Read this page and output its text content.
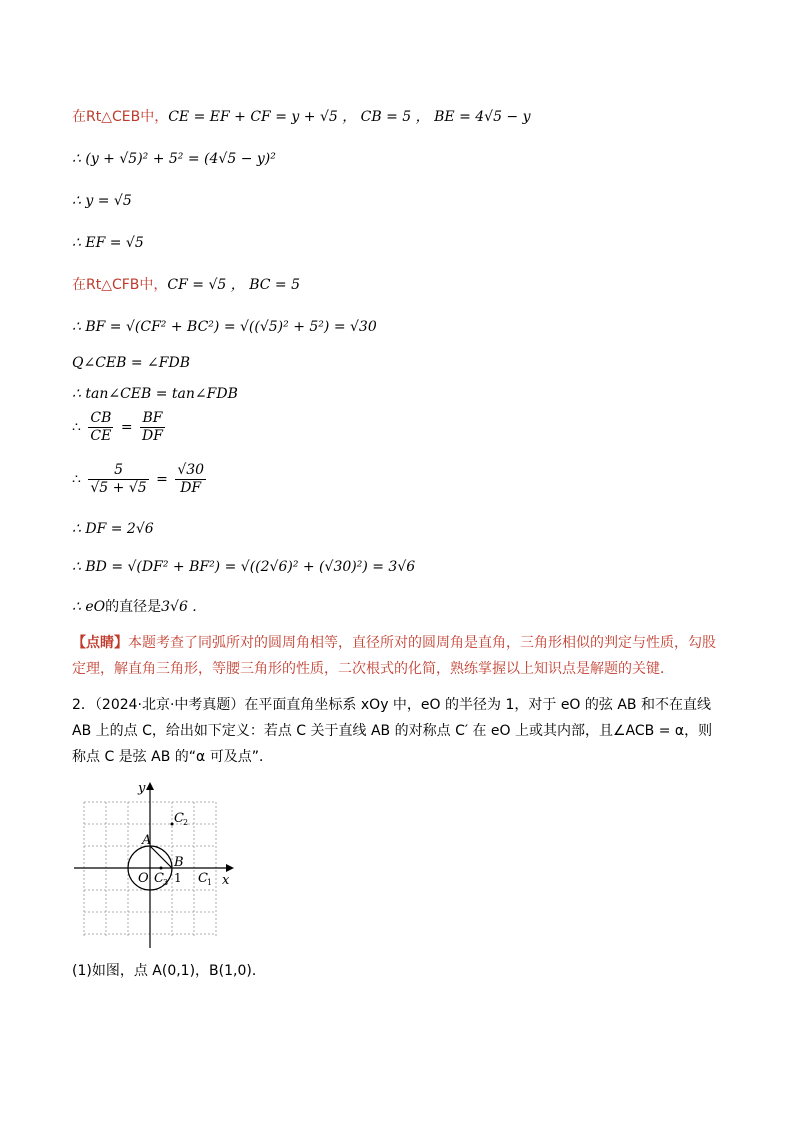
在Rt△CEB中，CE = EF + CF = y + √5 ， CB = 5 ， BE = 4√5 − y
∴ (y + √5)² + 5² = (4√5 − y)²
∴ y = √5
∴ EF = √5
在Rt△CFB中，CF = √5 ， BC = 5
∴ BF = √(CF² + BC²) = √((√5)² + 5²) = √30
Q∠CEB = ∠FDB
∴ tan∠CEB = tan∠FDB
∴ $\frac{CB}{CE} = \frac{BF}{DF}$
∴ $\frac{5}{√5 + √5} = \frac{√30}{DF}$
∴ DF = 2√6
∴ BD = √(DF² + BF²) = √((2√6)² + (√30)²) = 3√6
∴ eO的直径是3√6 .
【点睛】本题考查了同弧所对的圆周角相等，直径所对的圆周角是直角，三角形相似的判定与性质，勾股定理，解直角三角形，等腰三角形的性质，二次根式的化简，熟练掌握以上知识点是解题的关键．
2．（2024·北京·中考真题）在平面直角坐标系 xOy 中，eO 的半径为 1，对于 eO 的弦 AB 和不在直线 AB 上的点 C，给出如下定义：若点 C 关于直线 AB 的对称点 C′ 在 eO 上或其内部，且∠ACB = α，则称点 C 是弦 AB 的“α 可及点”．
y
x
O
A
B
1 C 1
C 2
C 3
(1)如图，点 A(0,1)，B(1,0)．
